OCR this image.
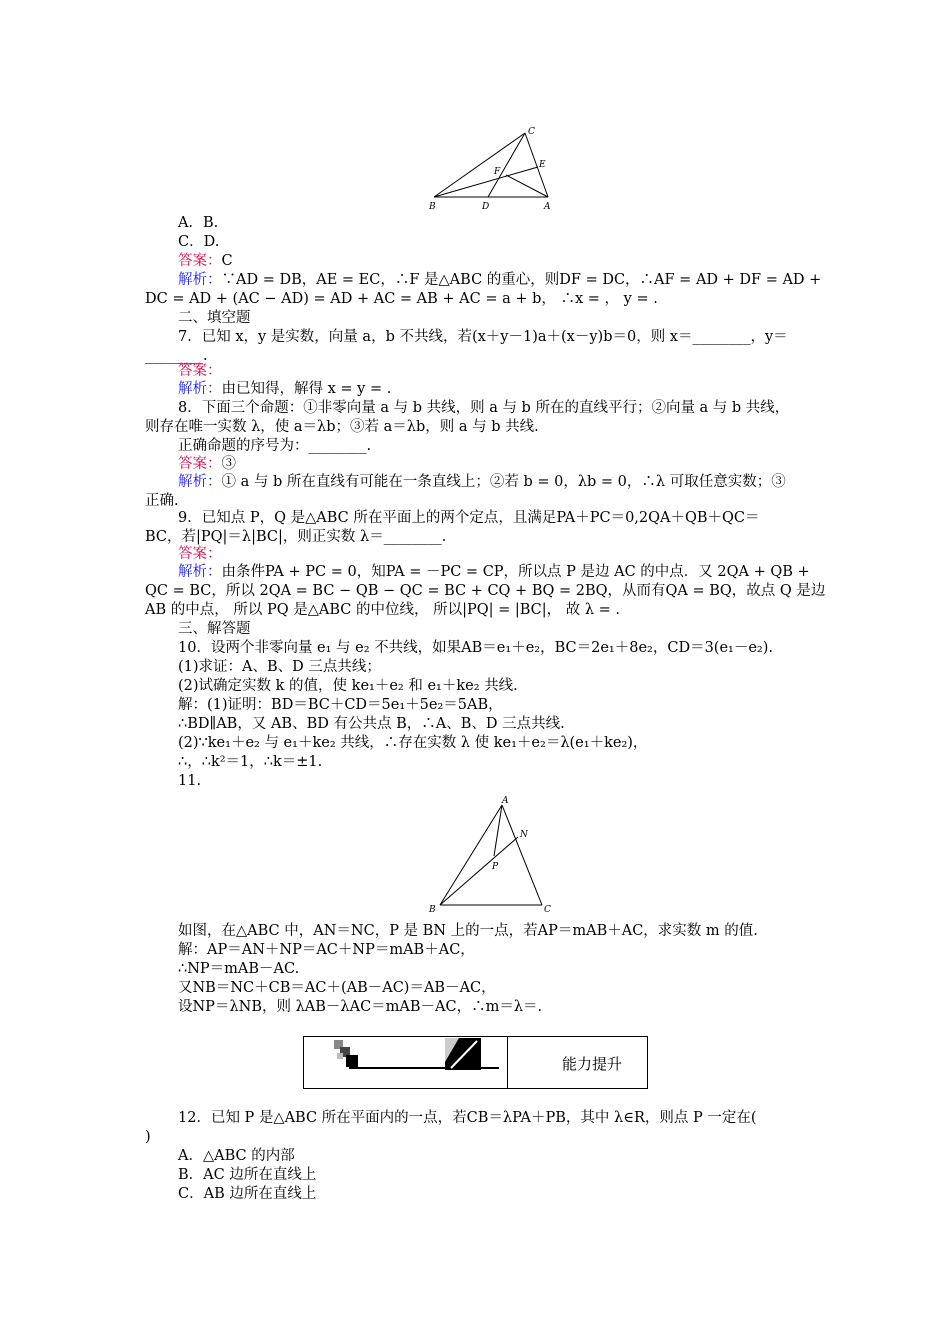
C
E
F
B	D	A
A．B.
C．D.
答案：C
解析：∵AD = DB，AE = EC，∴F 是△ABC 的重心，则DF = DC，∴AF = AD + DF = AD +
DC = AD + (AC − AD) = AD + AC = AB + AC = a + b， ∴x = ， y = .
二、填空题
7．已知 x，y 是实数，向量 a，b 不共线，若(x＋y－1)a＋(x－y)b＝0，则 x＝________，y＝
________.
答案：
解析：由已知得，解得 x = y = .
8．下面三个命题：①非零向量 a 与 b 共线，则 a 与 b 所在的直线平行；②向量 a 与 b 共线，
则存在唯一实数 λ，使 a＝λb；③若 a＝λb，则 a 与 b 共线.
正确命题的序号为：________.
答案：③
解析：① a 与 b 所在直线有可能在一条直线上；②若 b = 0，λb = 0，∴λ 可取任意实数；③
正确.
9．已知点 P，Q 是△ABC 所在平面上的两个定点，且满足PA＋PC＝0,2QA＋QB＋QC＝
BC，若|PQ|＝λ|BC|，则正实数 λ＝________.
答案：
解析：由条件PA + PC = 0，知PA = －PC = CP，所以点 P 是边 AC 的中点．又 2QA + QB +
QC = BC，所以 2QA = BC − QB − QC = BC + CQ + BQ = 2BQ，从而有QA = BQ，故点 Q 是边
AB 的中点， 所以 PQ 是△ABC 的中位线， 所以|PQ| = |BC|， 故 λ = .
三、解答题
10．设两个非零向量 e₁ 与 e₂ 不共线，如果AB＝e₁＋e₂，BC＝2e₁＋8e₂，CD＝3(e₁－e₂).
(1)求证：A、B、D 三点共线；
(2)试确定实数 k 的值，使 ke₁＋e₂ 和 e₁＋ke₂ 共线.
解：(1)证明：BD＝BC＋CD＝5e₁＋5e₂＝5AB，
∴BD∥AB，又 AB、BD 有公共点 B，∴A、B、D 三点共线.
(2)∵ke₁＋e₂ 与 e₁＋ke₂ 共线，∴存在实数 λ 使 ke₁＋e₂＝λ(e₁＋ke₂)，
∴，∴k²＝1，∴k＝±1.
11.
A
N
P
B	C
如图，在△ABC 中，AN＝NC，P 是 BN 上的一点，若AP＝mAB＋AC，求实数 m 的值.
解：AP＝AN＋NP＝AC＋NP＝mAB＋AC，
∴NP＝mAB－AC.
又NB＝NC＋CB＝AC＋(AB－AC)＝AB－AC，
设NP＝λNB，则 λAB－λAC＝mAB－AC，∴m＝λ＝.
能力提升
12．已知 P 是△ABC 所在平面内的一点，若CB＝λPA＋PB，其中 λ∈R，则点 P 一定在(
)
A．△ABC 的内部
B．AC 边所在直线上
C．AB 边所在直线上
